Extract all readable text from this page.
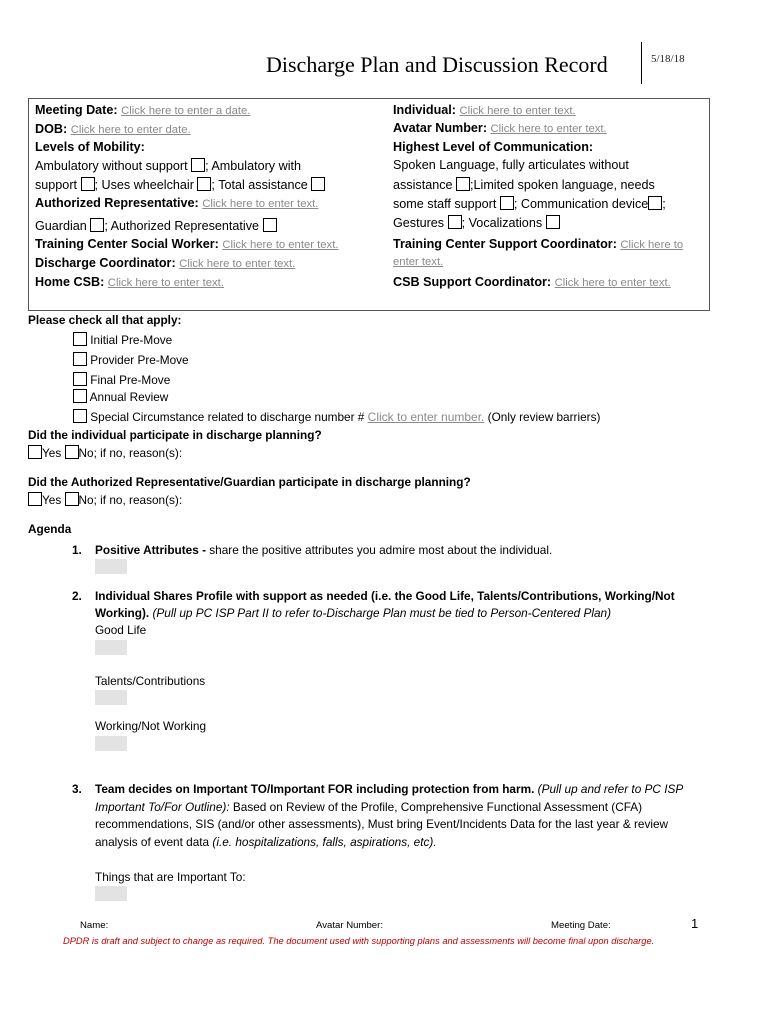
Discharge Plan and Discussion Record	5/18/18
Meeting Date: Click here to enter a date.
DOB: Click here to enter date.
Levels of Mobility:
Ambulatory without support ; Ambulatory with
support ; Uses wheelchair ; Total assistance
Authorized Representative: Click here to enter text.
Guardian ; Authorized Representative
Training Center Social Worker: Click here to enter text.
Discharge Coordinator: Click here to enter text.
Home CSB: Click here to enter text.
Individual: Click here to enter text.
Avatar Number: Click here to enter text.
Highest Level of Communication:
Spoken Language, fully articulates without
assistance ;Limited spoken language, needs
some staff support ; Communication device ;
Gestures ; Vocalizations
Training Center Support Coordinator: Click here to
enter text.
CSB Support Coordinator: Click here to enter text.
Please check all that apply:
Initial Pre-Move
Provider Pre-Move
Final Pre-Move
Annual Review
Special Circumstance related to discharge number # Click to enter number. (Only review barriers)
Did the individual participate in discharge planning?
Yes No; if no, reason(s):
Did the Authorized Representative/Guardian participate in discharge planning?
Yes No; if no, reason(s):
Agenda
1. Positive Attributes - share the positive attributes you admire most about the individual.
2. Individual Shares Profile with support as needed (i.e. the Good Life, Talents/Contributions, Working/Not
Working). (Pull up PC ISP Part II to refer to-Discharge Plan must be tied to Person-Centered Plan)
Good Life
Talents/Contributions
Working/Not Working
3. Team decides on Important TO/Important FOR including protection from harm. (Pull up and refer to PC ISP
Important To/For Outline): Based on Review of the Profile, Comprehensive Functional Assessment (CFA)
recommendations, SIS (and/or other assessments), Must bring Event/Incidents Data for the last year & review
analysis of event data (i.e. hospitalizations, falls, aspirations, etc).
Things that are Important To:
Name:	Avatar Number:	Meeting Date:	1
DPDR is draft and subject to change as required. The document used with supporting plans and assessments will become final upon discharge.
